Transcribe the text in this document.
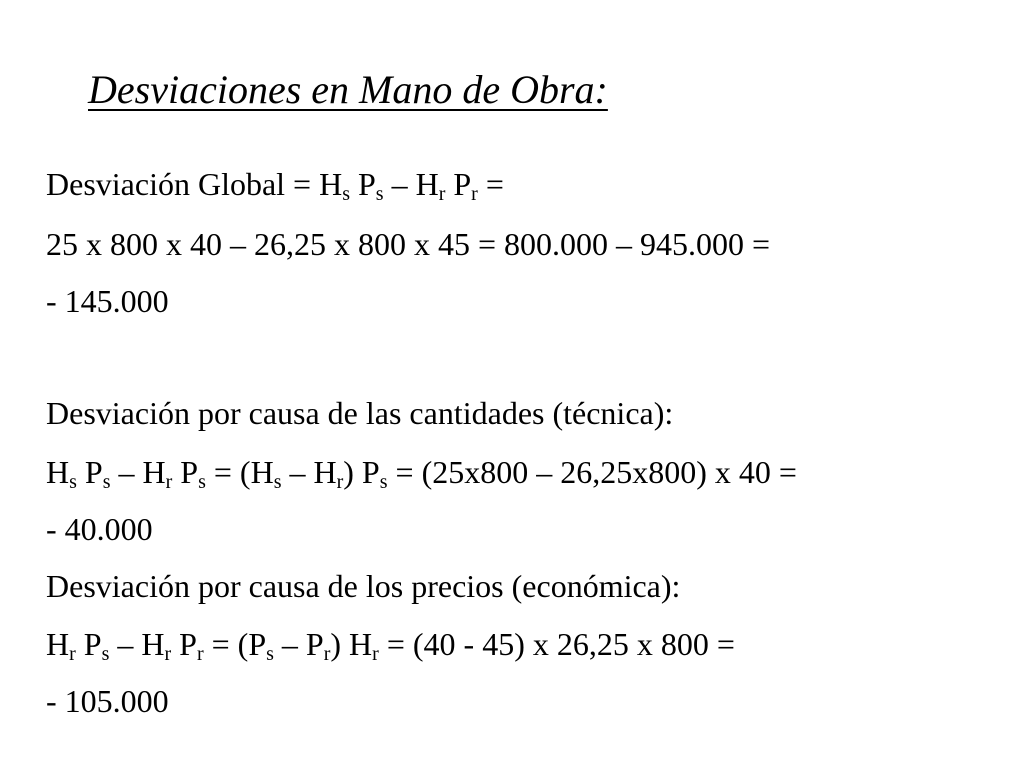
Desviaciones en Mano de Obra:
Desviación Global = $H_s$ $P_s - H_r$ $P_r$ =
25 x 800 x 40 – 26,25 x 800 x 45 = 800.000 – 945.000 =
- 145.000
Desviación por causa de las cantidades (técnica):
$H_s$ $P_s - H_r$ $P_s = (H_s - H_r) P_s = (25x800 - 26,25x800)$ x 40 =
- 40.000
Desviación por causa de los precios (económica):
$H_r$ $P_s - H_r$ $P_r = (P_s - P_r) H_r = (40 - 45)$ x 26,25 x 800 =
- 105.000
